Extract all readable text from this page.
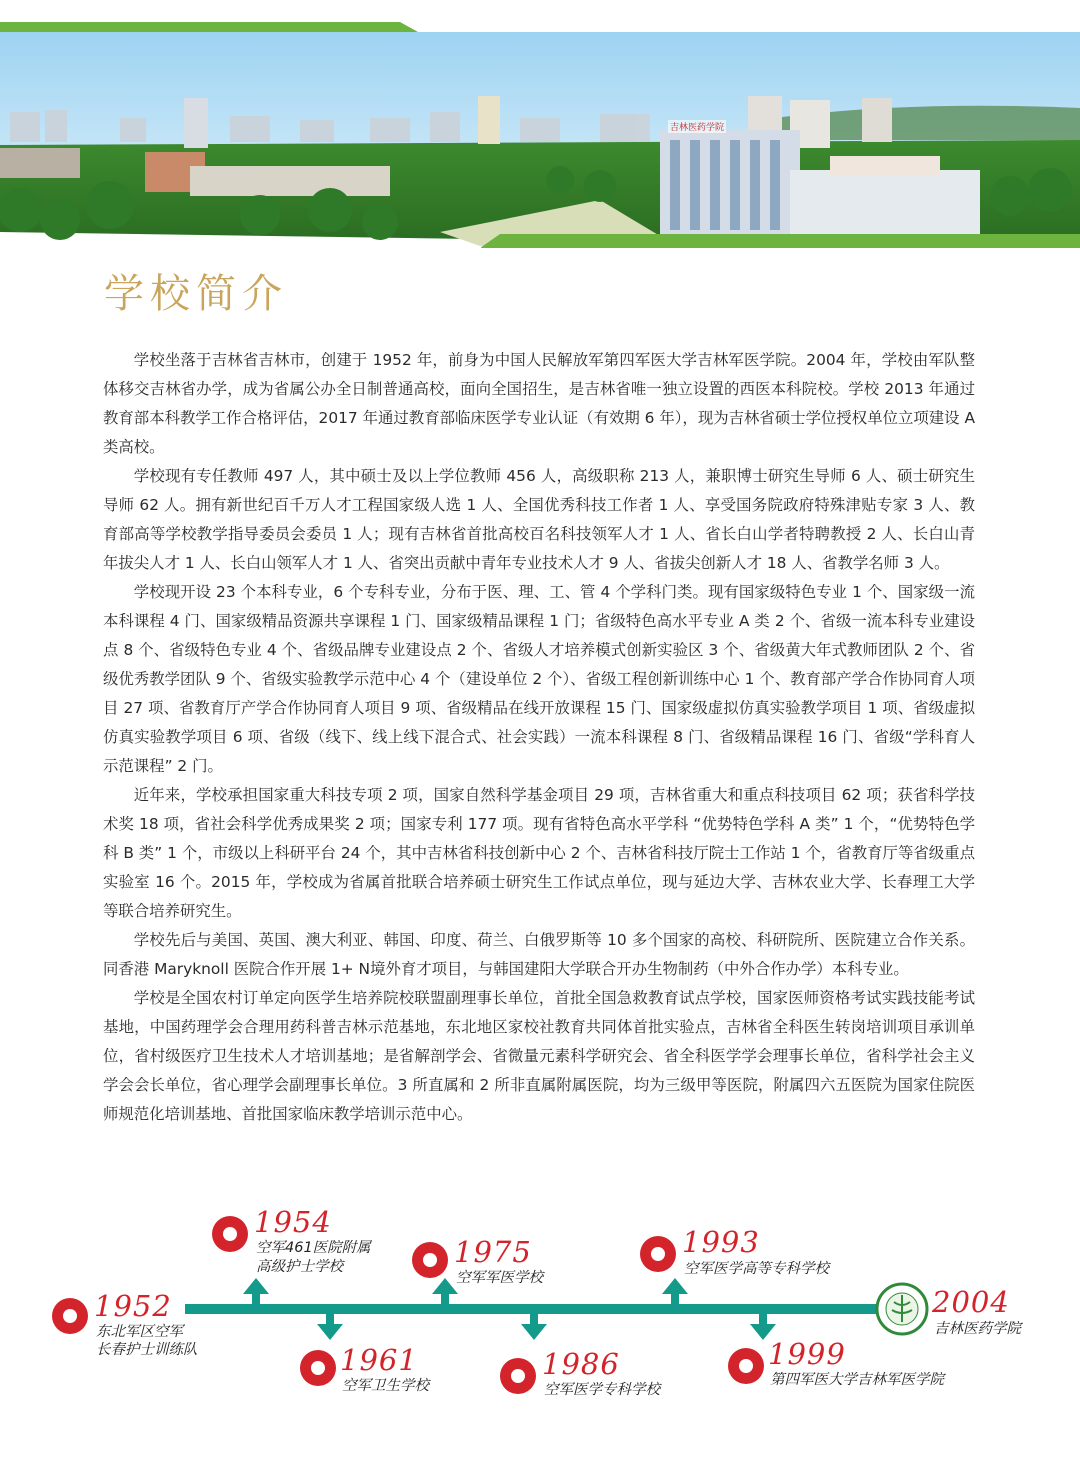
吉林医药学院
学校简介

学校坐落于吉林省吉林市，创建于 1952 年，前身为中国人民解放军第四军医大学吉林军医学院。2004 年，学校由军队整体移交吉林省办学，成为省属公办全日制普通高校，面向全国招生，是吉林省唯一独立设置的西医本科院校。学校 2013 年通过教育部本科教学工作合格评估，2017 年通过教育部临床医学专业认证（有效期 6 年），现为吉林省硕士学位授权单位立项建设 A 类高校。

学校现有专任教师 497 人，其中硕士及以上学位教师 456 人，高级职称 213 人，兼职博士研究生导师 6 人、硕士研究生导师 62 人。拥有新世纪百千万人才工程国家级人选 1 人、全国优秀科技工作者 1 人、享受国务院政府特殊津贴专家 3 人、教育部高等学校教学指导委员会委员 1 人；现有吉林省首批高校百名科技领军人才 1 人、省长白山学者特聘教授 2 人、长白山青年拔尖人才 1 人、长白山领军人才 1 人、省突出贡献中青年专业技术人才 9 人、省拔尖创新人才 18 人、省教学名师 3 人。

学校现开设 23 个本科专业，6 个专科专业，分布于医、理、工、管 4 个学科门类。现有国家级特色专业 1 个、国家级一流本科课程 4 门、国家级精品资源共享课程 1 门、国家级精品课程 1 门；省级特色高水平专业 A 类 2 个、省级一流本科专业建设点 8 个、省级特色专业 4 个、省级品牌专业建设点 2 个、省级人才培养模式创新实验区 3 个、省级黄大年式教师团队 2 个、省级优秀教学团队 9 个、省级实验教学示范中心 4 个（建设单位 2 个）、省级工程创新训练中心 1 个、教育部产学合作协同育人项目 27 项、省教育厅产学合作协同育人项目 9 项、省级精品在线开放课程 15 门、国家级虚拟仿真实验教学项目 1 项、省级虚拟仿真实验教学项目 6 项、省级（线下、线上线下混合式、社会实践）一流本科课程 8 门、省级精品课程 16 门、省级“学科育人示范课程” 2 门。

近年来，学校承担国家重大科技专项 2 项，国家自然科学基金项目 29 项，吉林省重大和重点科技项目 62 项；获省科学技术奖 18 项，省社会科学优秀成果奖 2 项；国家专利 177 项。现有省特色高水平学科 “优势特色学科 A 类” 1 个，“优势特色学科 B 类” 1 个，市级以上科研平台 24 个，其中吉林省科技创新中心 2 个、吉林省科技厅院士工作站 1 个，省教育厅等省级重点实验室 16 个。2015 年，学校成为省属首批联合培养硕士研究生工作试点单位，现与延边大学、吉林农业大学、长春理工大学等联合培养研究生。

学校先后与美国、英国、澳大利亚、韩国、印度、荷兰、白俄罗斯等 10 多个国家的高校、科研院所、医院建立合作关系。同香港 Maryknoll 医院合作开展 1+ N境外育才项目，与韩国建阳大学联合开办生物制药（中外合作办学）本科专业。

学校是全国农村订单定向医学生培养院校联盟副理事长单位，首批全国急救教育试点学校，国家医师资格考试实践技能考试基地，中国药理学会合理用药科普吉林示范基地，东北地区家校社教育共同体首批实验点，吉林省全科医生转岗培训项目承训单位，省村级医疗卫生技术人才培训基地；是省解剖学会、省微量元素科学研究会、省全科医学学会理事长单位，省科学社会主义学会会长单位，省心理学会副理事长单位。3 所直属和 2 所非直属附属医院，均为三级甲等医院，附属四六五医院为国家住院医师规范化培训基地、首批国家临床教学培训示范中心。

1952
1954
1961
1975
1986
1993
1999
2004
东北军区空军
长春护士训练队
空军461医院附属
高级护士学校
空军卫生学校
空军军医学校
空军医学专科学校
空军医学高等专科学校
第四军医大学吉林军医学院
吉林医药学院
